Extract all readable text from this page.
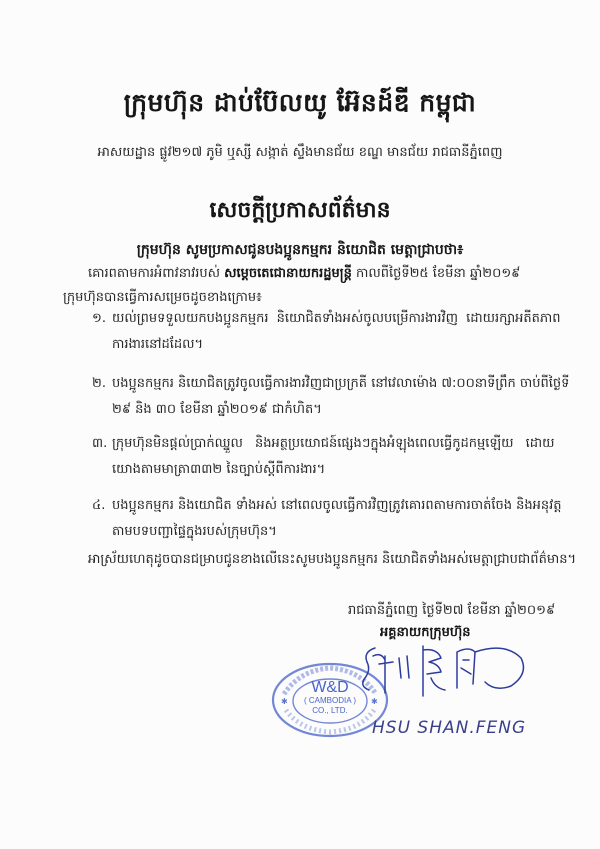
ក្រុមហ៊ុន ដាប់ប៊ែលយូ អ៊ែនដ៍ឌី កម្ពុជា
អាសយដ្ឋាន ផ្លូវ២១៧ ភូមិ ឬស្សី សង្កាត់ ស្ទឹងមានជ័យ ខណ្ឌ មានជ័យ រាជធានីភ្នំពេញ
សេចក្តីប្រកាសព័ត៌មាន
ក្រុមហ៊ុន សូមប្រកាសជូនបងប្អូនកម្មករ និយោជិត មេត្តាជ្រាបថា៖
គោរពតាមការអំពាវនាវរបស់ សម្តេចតេជោនាយករដ្ឋមន្ត្រី កាលពីថ្ងៃទី២៥ ខែមីនា ឆ្នាំ២០១៩
ក្រុមហ៊ុនបានធ្វើការសម្រេចដូចខាងក្រោម៖
១. យល់ព្រមទទួលយកបងប្អូនកម្មករ និយោជិតទាំងអស់ចូលបម្រើការងារវិញ ដោយរក្សាអតីតភាព
ការងារនៅដដែល។
២. បងប្អូនកម្មករ និយោជិតត្រូវចូលធ្វើការងារវិញជាប្រក្រតី នៅវេលាម៉ោង ៧:០០នាទីព្រឹក ចាប់ពីថ្ងៃទី
២៩ និង ៣០ ខែមីនា ឆ្នាំ២០១៩ ជាកំហិត។
៣. ក្រុមហ៊ុនមិនផ្តល់ប្រាក់ឈ្នួល និងអត្ថប្រយោជន៍ផ្សេងៗក្នុងអំឡុងពេលធ្វើកូដកម្មឡើយ ដោយ
យោងតាមមាត្រា៣៣២ នៃច្បាប់ស្តីពីការងារ។
៤. បងប្អូនកម្មករ និងយោជិត ទាំងអស់ នៅពេលចូលធ្វើការវិញត្រូវគោរពតាមការចាត់ចែង និងអនុវត្ត
តាមបទបញ្ជាផ្ទៃក្នុងរបស់ក្រុមហ៊ុន។
អាស្រ័យហេតុដូចបានជម្រាបជូនខាងលើនេះសូមបងប្អូនកម្មករ និយោជិតទាំងអស់មេត្តាជ្រាបជាព័ត៌មាន។
រាជធានីភ្នំពេញ ថ្ងៃទី២៧ ខែមីនា ឆ្នាំ២០១៩
អគ្គនាយកក្រុមហ៊ុន
✱	✱
W&D
( CAMBODIA )
CO., LTD.
HSU SHAN.FENG
